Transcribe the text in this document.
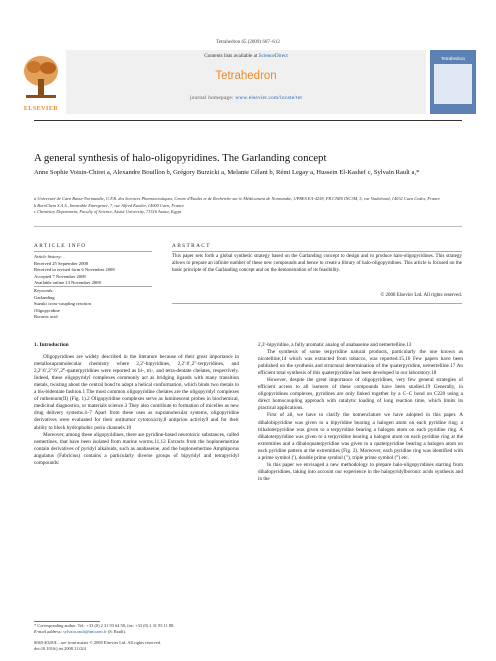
Tetrahedron 65 (2009) 607–612
ELSEVIER
Contents lists available at ScienceDirect
Tetrahedron
journal homepage: www.elsevier.com/locate/tet
Tetrahedron
A general synthesis of halo-oligopyridines. The Garlanding concept
Anne Sophie Voisin-Chiret a, Alexandre Bouillon b, Grégory Burzicki a, Melanie Célant b, Rémi Legay a, Hussein El-Kashef c, Sylvain Rault a,*
a Université de Caen Basse-Normandie, U.F.R. des Sciences Pharmaceutiques, Centre d'Etudes et de Recherche sur le Médicament de Normandie, UPRES EA-4258, FR CNRS INC3M, 5, rue Vaubénard, 14032 Caen Cedex, France
b BoroChem S.A.S., Immeuble Emergence, 7, rue Alfred Kastler, 14000 Caen, France
c Chemistry Department, Faculty of Science, Assiut University, 71516 Assiut, Egypt
ARTICLE INFO
Article history:
Received 25 September 2008
Received in revised form 6 November 2008
Accepted 7 November 2008
Available online 13 November 2008
Keywords:
Garlanding
Suzuki cross-coupling reaction
Oligopyridine
Boronic acid
ABSTRACT
This paper sets forth a global synthetic strategy based on the Garlanding concept to design and to produce halo-oligopyridines. This strategy allows to prepare an infinite number of these new compounds and hence to create a library of halo-oligopyridines. This article is focused on the basic principle of the Garlanding concept and on the demonstration of its feasibility.
© 2008 Elsevier Ltd. All rights reserved.
1. Introduction

Oligopyridines are widely described in the literature because of their great importance in metallosupramolecular chemistry where 2,2′-bipyridines, 2,2′:6′,2″-terpyridines, and 2,2′:6′,2″:6″,2‴-quaterpyridines were reported as bi-, tri-, and tetra-dentate chelates, respectively. Indeed, these oligopyridyl complexes commonly act as bridging ligands with many transition metals, twisting about the central bond to adopt a helical conformation, which binds two metals in a bis-bidentate fashion.1 The most common oligopyridine chelates are the oligopyridyl complexes of ruthenium(II) (Fig. 1).2 Oligopyridine complexes serve as luminescent probes in biochemical, medicinal diagnostics, or materials science.3 They also contribute to formation of micelles as new drug delivery systems.4–7 Apart from these uses as supramolecular systems, oligopyridine derivatives were evaluated for their antitumor cytotoxicity,8 antiprion activity9 and for their ability to block hydrophobic porin channels.10

Moreover, among these oligopyridines, there are pyridine-based neurotoxic substances, called nemertines, that have been isolated from marine worms.11,12 Extracts from the hoplonemertine contain derivatives of pyridyl alkaloids, such as anabaseine, and the hoplonemertine Amphiporus angulatus (Fabricius) contains a particularly diverse groups of bipyridyl and tetrapyridyl compounds:

2,3′-bipyridine, a fully aromatic analog of anabaseine and nemertelline.13

The synthesis of some terpyridine natural products, particularly the one known as nicotelline,14 which was extracted from tobacco, was reported.15,16 Few papers have been published on the synthesis and structural determination of the quaterpyridine, nemertelline.17 An efficient total synthesis of this quaterpyridine has been developed in our laboratory.18

However, despite the great importance of oligopyridines, very few general strategies of efficient access to all isomers of these compounds have been studied.19 Generally, in oligopyridines complexes, pyridines are only linked together by a C–C bond on C220 using a direct homocoupling approach with catalytic loading of long reaction time, which limits its practical applications.

First of all, we have to clarify the nomenclature we have adopted in this paper. A dihalobipyridine was given to a bipyridine bearing a halogen atom on each pyridine ring; a trihaloterpyridine was given to a terpyridine bearing a halogen atom on each pyridine ring. A dihaloterpyridine was given to a terpyridine bearing a halogen atom on each pyridine ring at the extremities and a dihaloquaterpyridine was given to a quaterpyridine bearing a halogen atom on each pyridine pattern at the extremities (Fig. 2). Moreover, each pyridine ring was identified with a prime symbol (′), double prime symbol (″), triple prime symbol (‴) etc.

In this paper we envisaged a new methodology to prepare halo-oligopyridines starting from dihalopyridines, taking into account our experience in the halopyridylboronic acids synthesis and in the

* Corresponding author. Tel.: +33 (0) 2 31 93 64 58; fax: +33 (0) 2 31 93 11 88.
E-mail address: sylvain.rault@unicaen.fr (S. Rault).
0040-4020/$ – see front matter © 2008 Elsevier Ltd. All rights reserved.
doi:10.1016/j.tet.2008.11.024
